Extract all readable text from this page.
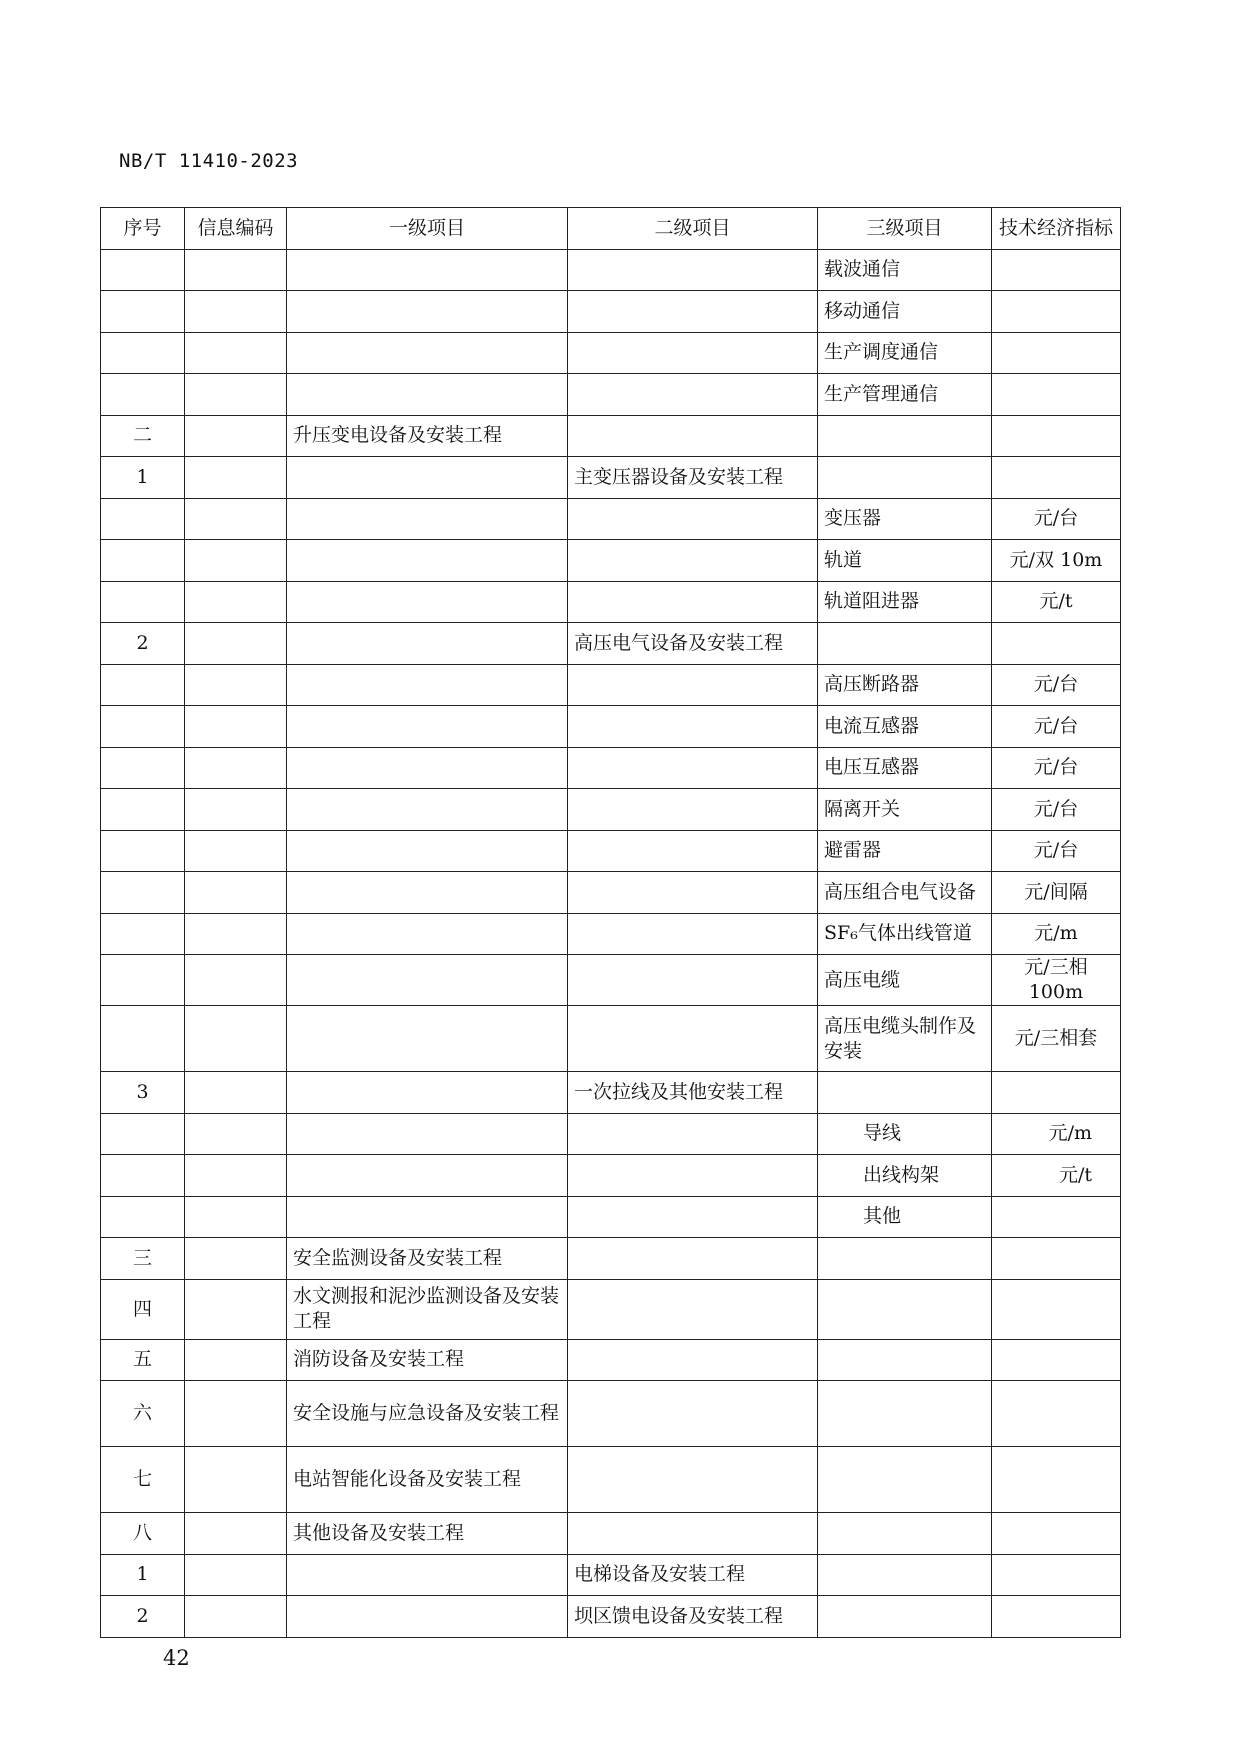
NB/T 11410-2023
序号	信息编码	一级项目	二级项目	三级项目	技术经济指标
				载波通信	
				移动通信	
				生产调度通信	
				生产管理通信	
二		升压变电设备及安装工程			
1			主变压器设备及安装工程		
				变压器	元/台
				轨道	元/双 10m
				轨道阻进器	元/t
2			高压电气设备及安装工程		
				高压断路器	元/台
				电流互感器	元/台
				电压互感器	元/台
				隔离开关	元/台
				避雷器	元/台
				高压组合电气设备	元/间隔
				SF₆气体出线管道	元/m
				高压电缆	元/三相 100m
				高压电缆头制作及安装	元/三相套
3			一次拉线及其他安装工程		
				导线	元/m
				出线构架	元/t
				其他	
三		安全监测设备及安装工程			
四		水文测报和泥沙监测设备及安装工程			
五		消防设备及安装工程			
六		安全设施与应急设备及安装工程			
七		电站智能化设备及安装工程			
八		其他设备及安装工程			
1			电梯设备及安装工程		
2			坝区馈电设备及安装工程		
42
